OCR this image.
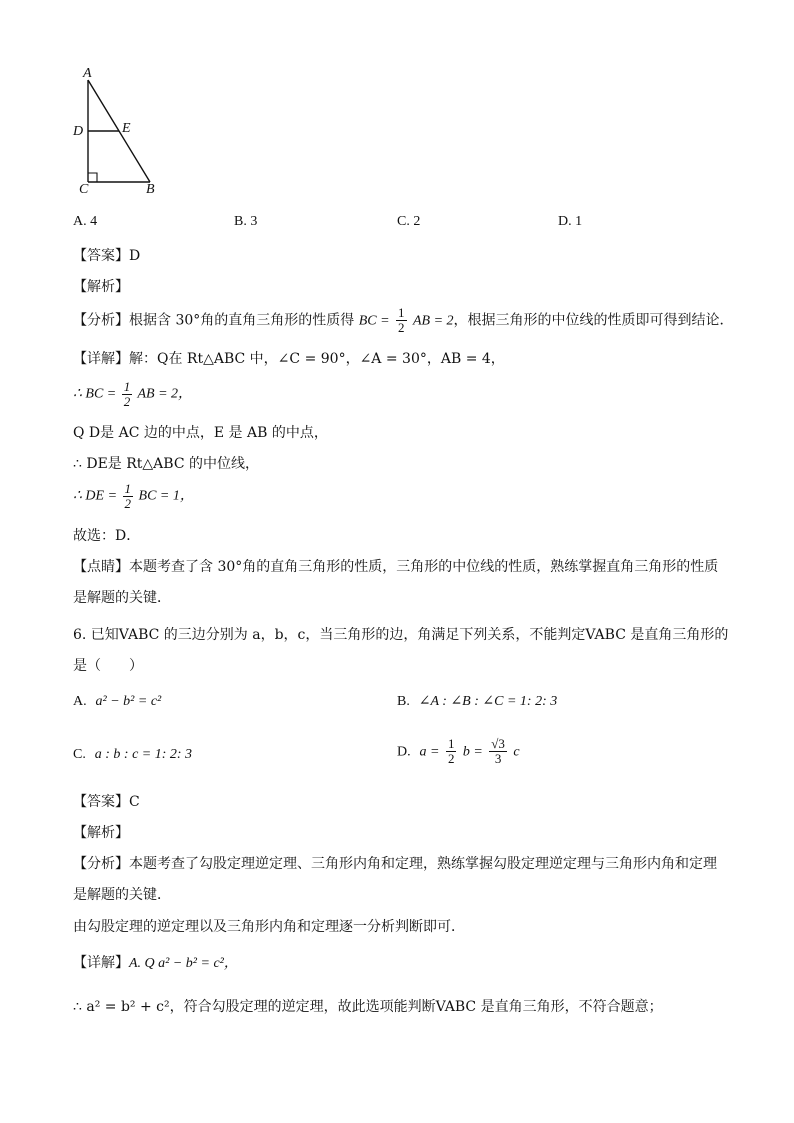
A
D	E
C	B
A. 4	B. 3	C. 2	D. 1
【答案】D
【解析】
【分析】根据含 30°角的直角三角形的性质得 BC = $\frac{1}{2}$ AB = 2，根据三角形的中位线的性质即可得到结论．
【详解】解：Q在 Rt△ABC 中，∠C = 90°，∠A = 30°，AB = 4，
∴ BC = $\frac{1}{2}$ AB = 2，
Q D是 AC 边的中点，E 是 AB 的中点，
∴ DE是 Rt△ABC 的中位线，
∴ DE = $\frac{1}{2}$ BC = 1，
故选：D．
【点睛】本题考查了含 30°角的直角三角形的性质，三角形的中位线的性质，熟练掌握直角三角形的性质
是解题的关键．
6. 已知VABC 的三边分别为 a，b，c，当三角形的边，角满足下列关系，不能判定VABC 是直角三角形的
是（　　）
A. a² − b² = c²	B. ∠A : ∠B : ∠C = 1: 2: 3
C. a : b : c = 1: 2: 3	D. $a = \frac{1}{2}$ $b = \frac{√3}{3}$ c
【答案】C
【解析】
【分析】本题考查了勾股定理逆定理、三角形内角和定理，熟练掌握勾股定理逆定理与三角形内角和定理
是解题的关键．
由勾股定理的逆定理以及三角形内角和定理逐一分析判断即可．
【详解】A. Q a² − b² = c²，
∴ a² = b² + c²，符合勾股定理的逆定理，故此选项能判断VABC 是直角三角形，不符合题意；
